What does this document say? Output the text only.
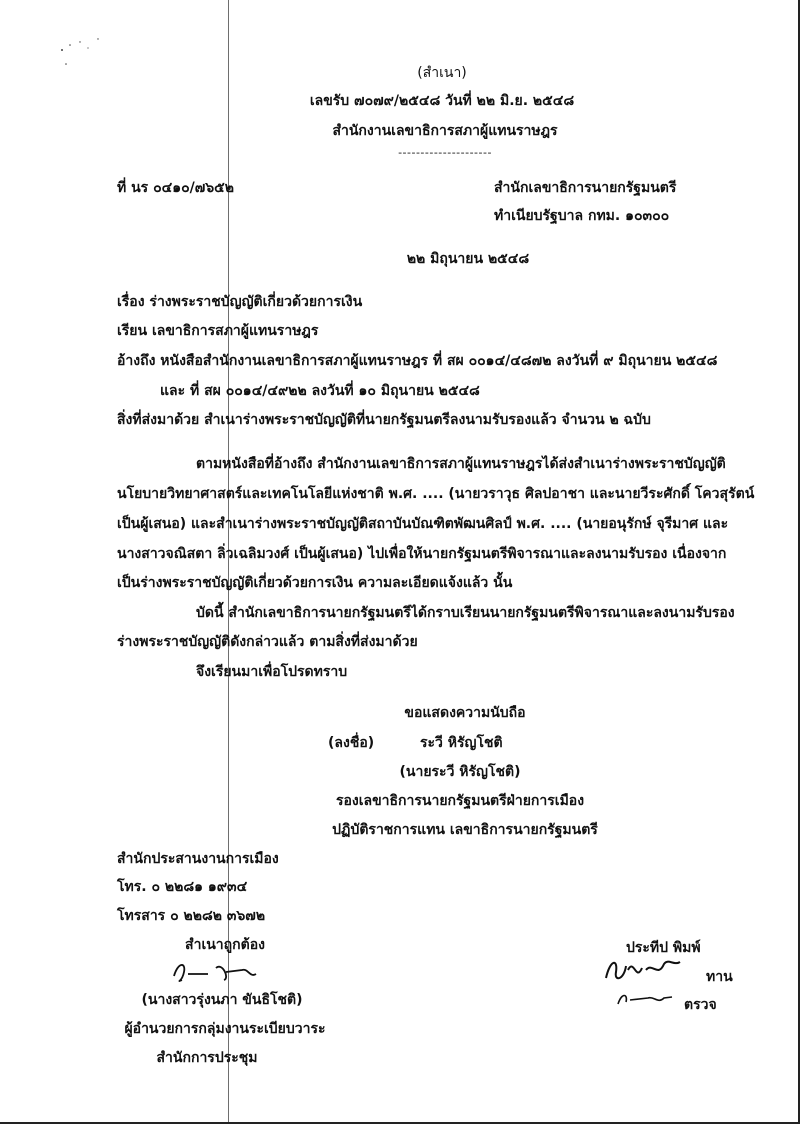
(สำเนา)
เลขรับ ๗๐๗๙/๒๕๔๘ วันที่ ๒๒ มิ.ย. ๒๕๔๘
สำนักงานเลขาธิการสภาผู้แทนราษฎร
---------------------
ที่ นร ๐๔๑๐/๗๖๕๒	สำนักเลขาธิการนายกรัฐมนตรี
ทำเนียบรัฐบาล กทม. ๑๐๓๐๐
๒๒ มิถุนายน ๒๕๔๘
เรื่อง ร่างพระราชบัญญัติเกี่ยวด้วยการเงิน
เรียน เลขาธิการสภาผู้แทนราษฎร
อ้างถึง หนังสือสำนักงานเลขาธิการสภาผู้แทนราษฎร ที่ สผ ๐๐๑๔/๔๘๗๒ ลงวันที่ ๙ มิถุนายน ๒๕๔๘
และ ที่ สผ ๐๐๑๔/๔๙๒๒ ลงวันที่ ๑๐ มิถุนายน ๒๕๔๘
สิ่งที่ส่งมาด้วย สำเนาร่างพระราชบัญญัติที่นายกรัฐมนตรีลงนามรับรองแล้ว จำนวน ๒ ฉบับ
ตามหนังสือที่อ้างถึง สำนักงานเลขาธิการสภาผู้แทนราษฎรได้ส่งสำเนาร่างพระราชบัญญัติ
นโยบายวิทยาศาสตร์และเทคโนโลยีแห่งชาติ พ.ศ. .... (นายวราวุธ ศิลปอาชา และนายวีระศักดิ์ โควสุรัตน์
เป็นผู้เสนอ) และสำเนาร่างพระราชบัญญัติสถาบันบัณฑิตพัฒนศิลป์ พ.ศ. .... (นายอนุรักษ์ จุรีมาศ และ
นางสาวจณิสตา ลิ่วเฉลิมวงศ์ เป็นผู้เสนอ) ไปเพื่อให้นายกรัฐมนตรีพิจารณาและลงนามรับรอง เนื่องจาก
เป็นร่างพระราชบัญญัติเกี่ยวด้วยการเงิน ความละเอียดแจ้งแล้ว นั้น
บัดนี้ สำนักเลขาธิการนายกรัฐมนตรีได้กราบเรียนนายกรัฐมนตรีพิจารณาและลงนามรับรอง
ร่างพระราชบัญญัติดังกล่าวแล้ว ตามสิ่งที่ส่งมาด้วย
จึงเรียนมาเพื่อโปรดทราบ
ขอแสดงความนับถือ
(ลงชื่อ)	ระวี หิรัญโชติ
(นายระวี หิรัญโชติ)
รองเลขาธิการนายกรัฐมนตรีฝ่ายการเมือง
ปฏิบัติราชการแทน เลขาธิการนายกรัฐมนตรี
สำนักประสานงานการเมือง
โทร. ๐ ๒๒๘๑ ๑๙๓๔
โทรสาร ๐ ๒๒๘๒ ๓๖๗๒
สำเนาถูกต้อง
(นางสาวรุ่งนภา ขันธิโชติ)
ผู้อำนวยการกลุ่มงานระเบียบวาระ
สำนักการประชุม
ประทีป พิมพ์
ทาน
ตรวจ
